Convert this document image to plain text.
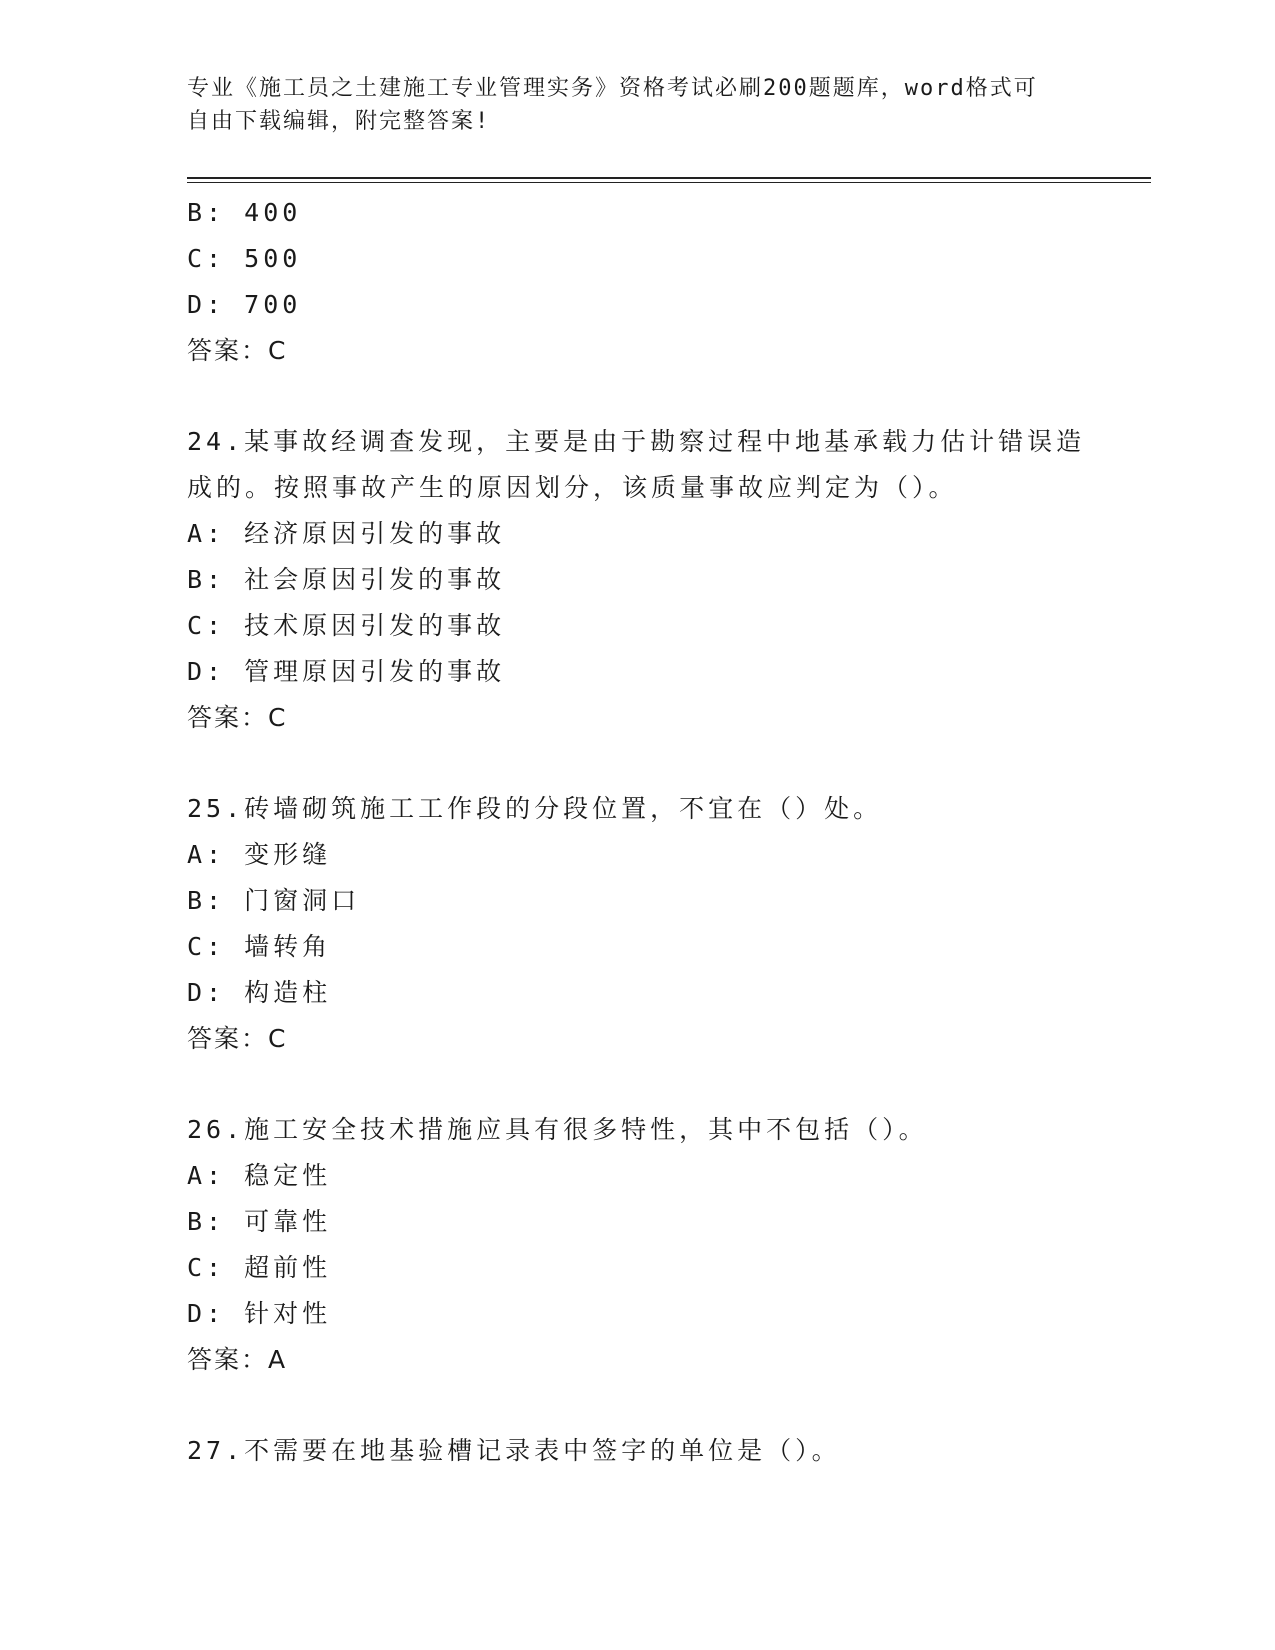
专业《施工员之土建施工专业管理实务》资格考试必刷200题题库，word格式可
自由下载编辑，附完整答案!
B: 400
C: 500
D: 700
答案：C
24.某事故经调查发现，主要是由于勘察过程中地基承载力估计错误造
成的。按照事故产生的原因划分，该质量事故应判定为（）。
A: 经济原因引发的事故
B: 社会原因引发的事故
C: 技术原因引发的事故
D: 管理原因引发的事故
答案：C
25.砖墙砌筑施工工作段的分段位置，不宜在（）处。
A: 变形缝
B: 门窗洞口
C: 墙转角
D: 构造柱
答案：C
26.施工安全技术措施应具有很多特性，其中不包括（）。
A: 稳定性
B: 可靠性
C: 超前性
D: 针对性
答案：A
27.不需要在地基验槽记录表中签字的单位是（）。
